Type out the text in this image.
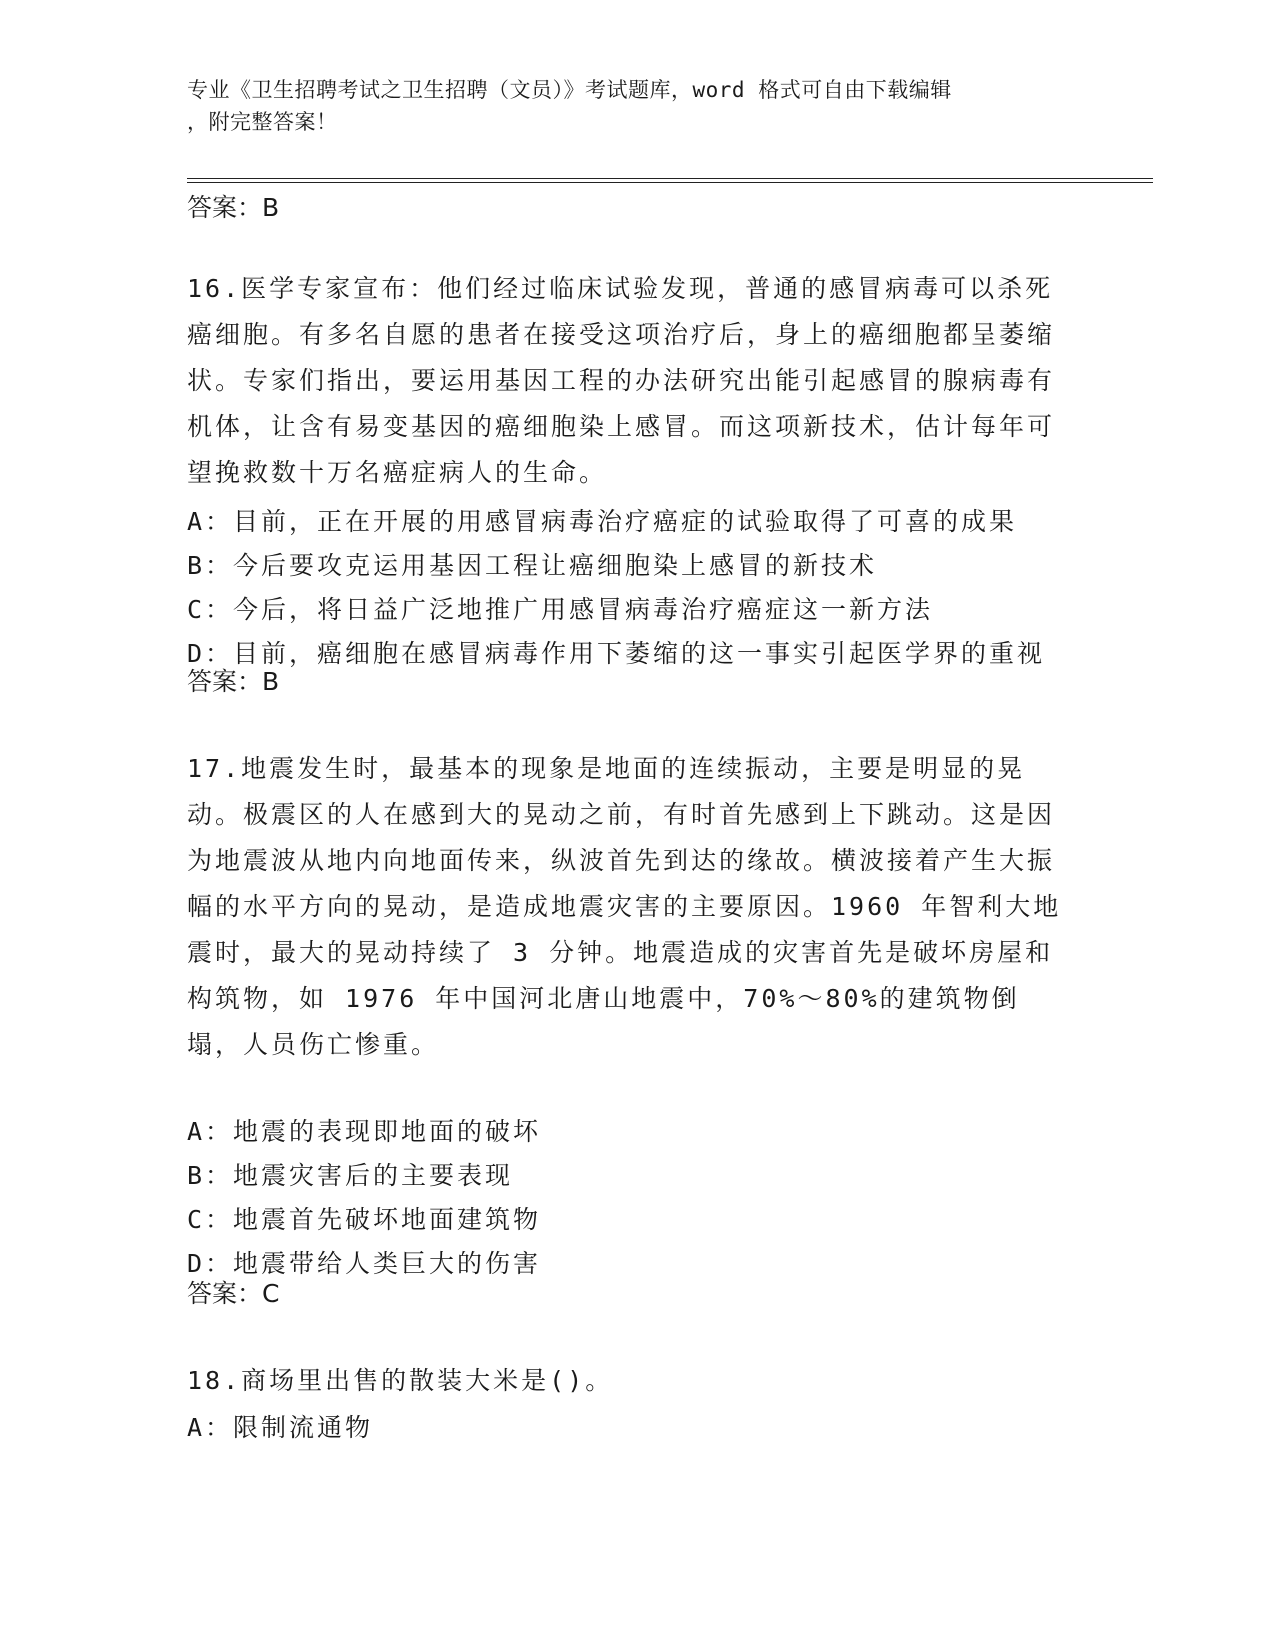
专业《卫生招聘考试之卫生招聘（文员）》考试题库，word 格式可自由下载编辑
，附完整答案！
答案：B
16.医学专家宣布：他们经过临床试验发现，普通的感冒病毒可以杀死癌细胞。有多名自愿的患者在接受这项治疗后，身上的癌细胞都呈萎缩状。专家们指出，要运用基因工程的办法研究出能引起感冒的腺病毒有机体，让含有易变基因的癌细胞染上感冒。而这项新技术，估计每年可望挽救数十万名癌症病人的生命。
A：目前，正在开展的用感冒病毒治疗癌症的试验取得了可喜的成果
B：今后要攻克运用基因工程让癌细胞染上感冒的新技术
C：今后，将日益广泛地推广用感冒病毒治疗癌症这一新方法
D：目前，癌细胞在感冒病毒作用下萎缩的这一事实引起医学界的重视
答案：B
17.地震发生时，最基本的现象是地面的连续振动，主要是明显的晃动。极震区的人在感到大的晃动之前，有时首先感到上下跳动。这是因为地震波从地内向地面传来，纵波首先到达的缘故。横波接着产生大振幅的水平方向的晃动，是造成地震灾害的主要原因。1960 年智利大地震时，最大的晃动持续了 3 分钟。地震造成的灾害首先是破坏房屋和构筑物，如 1976 年中国河北唐山地震中，70%～80%的建筑物倒塌，人员伤亡惨重。
A：地震的表现即地面的破坏
B：地震灾害后的主要表现
C：地震首先破坏地面建筑物
D：地震带给人类巨大的伤害
答案：C
18.商场里出售的散装大米是()。
A：限制流通物
